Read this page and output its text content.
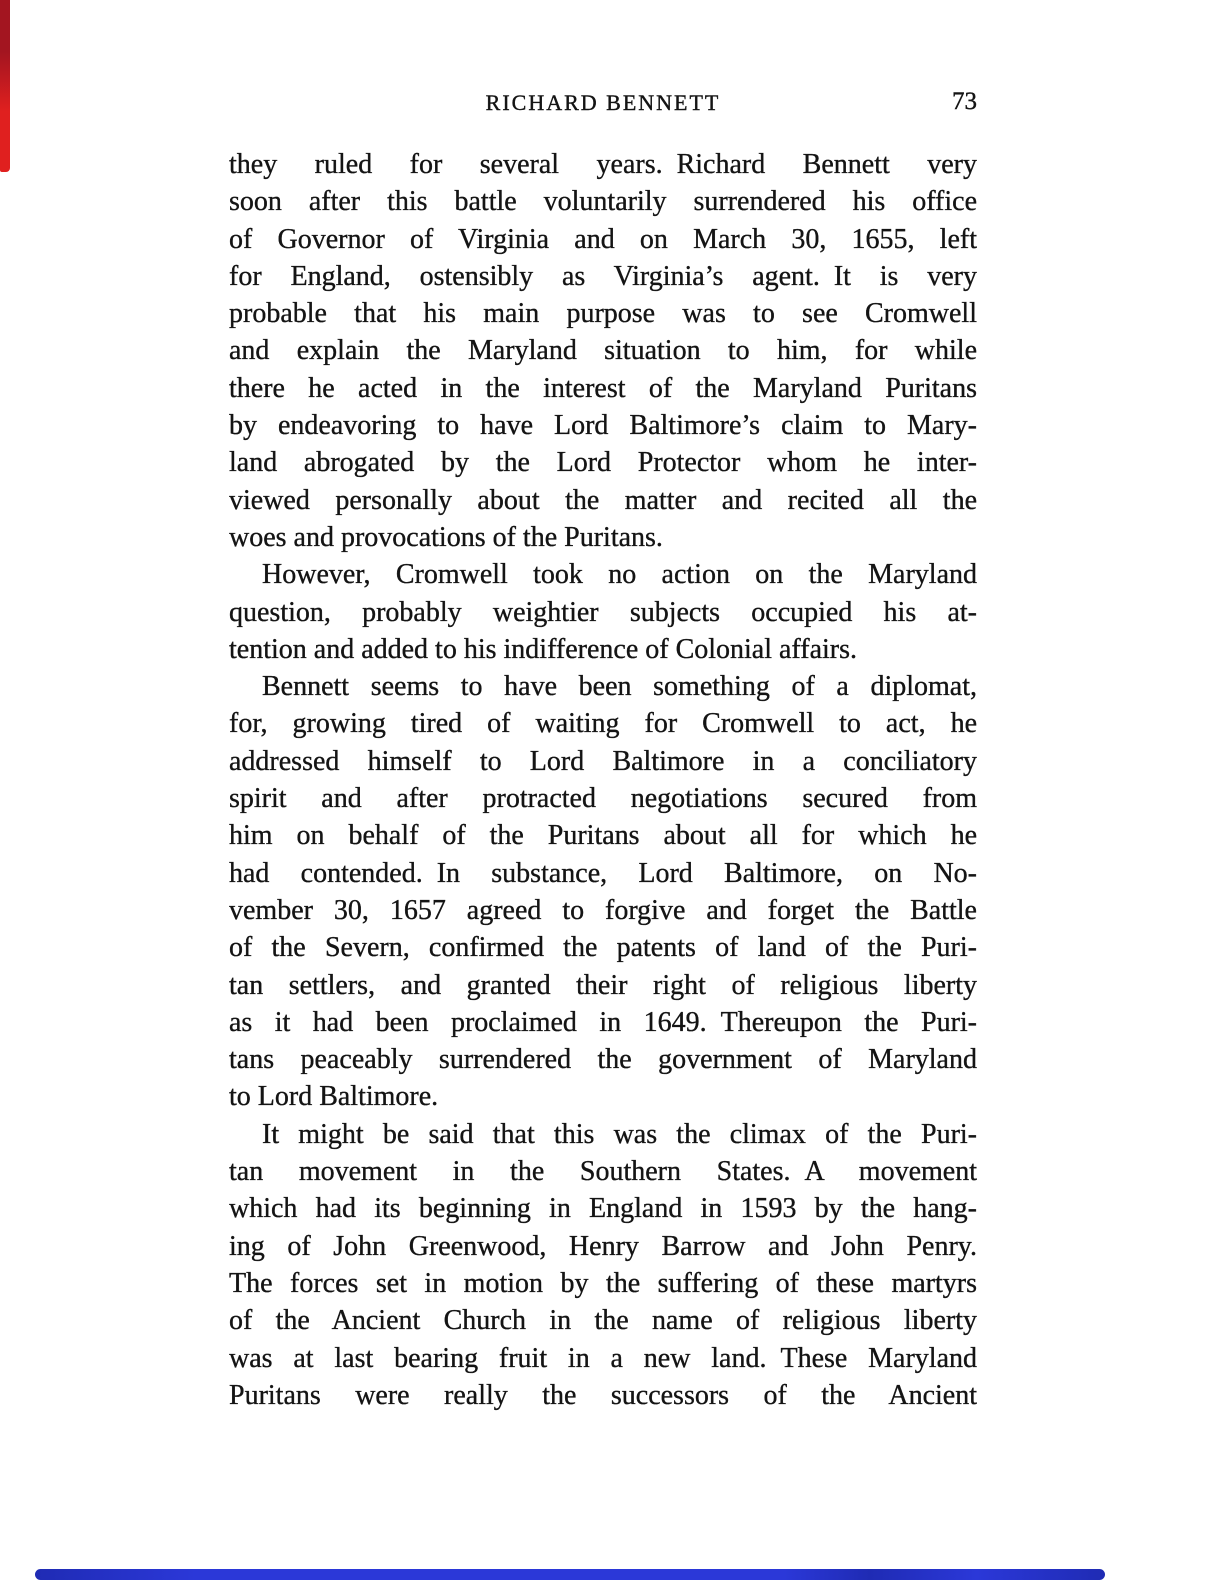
RICHARD BENNETT	73

they ruled for several years. Richard Bennett very
soon after this battle voluntarily surrendered his office
of Governor of Virginia and on March 30, 1655, left
for England, ostensibly as Virginia’s agent. It is very
probable that his main purpose was to see Cromwell
and explain the Maryland situation to him, for while
there he acted in the interest of the Maryland Puritans
by endeavoring to have Lord Baltimore’s claim to Mary-
land abrogated by the Lord Protector whom he inter-
viewed personally about the matter and recited all the
woes and provocations of the Puritans.

However, Cromwell took no action on the Maryland
question, probably weightier subjects occupied his at-
tention and added to his indifference of Colonial affairs.

Bennett seems to have been something of a diplomat,
for, growing tired of waiting for Cromwell to act, he
addressed himself to Lord Baltimore in a conciliatory
spirit and after protracted negotiations secured from
him on behalf of the Puritans about all for which he
had contended. In substance, Lord Baltimore, on No-
vember 30, 1657 agreed to forgive and forget the Battle
of the Severn, confirmed the patents of land of the Puri-
tan settlers, and granted their right of religious liberty
as it had been proclaimed in 1649. Thereupon the Puri-
tans peaceably surrendered the government of Maryland
to Lord Baltimore.

It might be said that this was the climax of the Puri-
tan movement in the Southern States. A movement
which had its beginning in England in 1593 by the hang-
ing of John Greenwood, Henry Barrow and John Penry.
The forces set in motion by the suffering of these martyrs
of the Ancient Church in the name of religious liberty
was at last bearing fruit in a new land. These Maryland
Puritans were really the successors of the Ancient
